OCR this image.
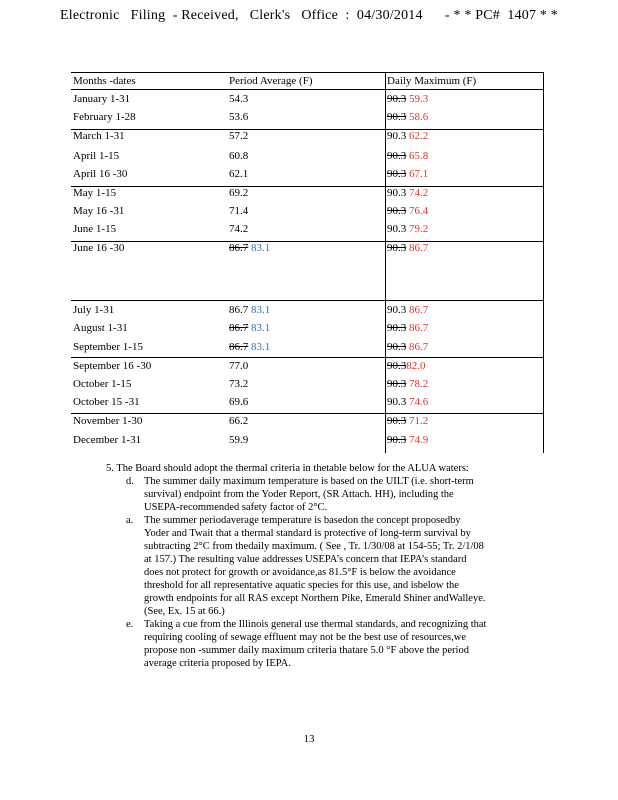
Electronic   Filing  - Received,   Clerk's   Office  :  04/30/2014      - * * PC#  1407 * *
Months -dates	Period Average (F)	Daily Maximum (F)
January 1-31	54.3	90.3 59.3
February 1-28	53.6	90.3 58.6
March 1-31	57.2	90.3 62.2
April 1-15	60.8	90.3 65.8
April 16 -30	62.1	90.3 67.1
May 1-15	69.2	90.3 74.2
May 16 -31	71.4	90.3 76.4
June 1-15	74.2	90.3 79.2
June 16 -30	86.7 83.1	90.3 86.7
July 1-31	86.7 83.1	90.3 86.7
August 1-31	86.7 83.1	90.3 86.7
September 1-15	86.7 83.1	90.3 86.7
September 16 -30	77.0	90.382.0
October 1-15	73.2	90.3 78.2
October 15 -31	69.6	90.3 74.6
November 1-30	66.2	90.3 71.2
December 1-31	59.9	90.3 74.9
5. The Board should adopt the thermal criteria in thetable below for the ALUA waters:
d. The summer daily maximum temperature is based on the UILT (i.e. short-term
survival) endpoint from the Yoder Report, (SR Attach. HH), including the
USEPA-recommended safety factor of 2°C.
a. The summer periodaverage temperature is basedon the concept proposedby
Yoder and Twait that a thermal standard is protective of long-term survival by
subtracting 2°C from thedaily maximum. ( See , Tr. 1/30/08 at 154-55; Tr. 2/1/08
at 157.) The resulting value addresses USEPA’s concern that IEPA’s standard
does not protect for growth or avoidance,as 81.5°F is below the avoidance
threshold for all representative aquatic species for this use, and isbelow the
growth endpoints for all RAS except Northern Pike, Emerald Shiner andWalleye.
(See, Ex. 15 at 66.)
e. Taking a cue from the Illinois general use thermal standards, and recognizing that
requiring cooling of sewage effluent may not be the best use of resources,we
propose non -summer daily maximum criteria thatare 5.0 °F above the period
average criteria proposed by IEPA.
13
